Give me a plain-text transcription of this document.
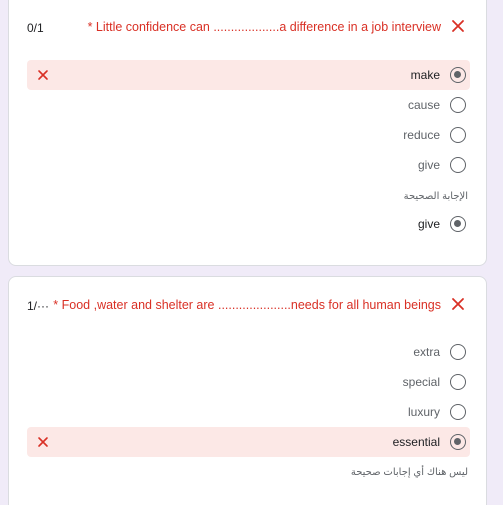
0/1	* Little confidence can ...................a difference in a job interview
make
cause
reduce
give
الإجابة الصحيحة
give
1/··· * Food ,water and shelter are .....................needs for all human beings
extra
special
luxury
essential
ليس هناك أي إجابات صحيحة
